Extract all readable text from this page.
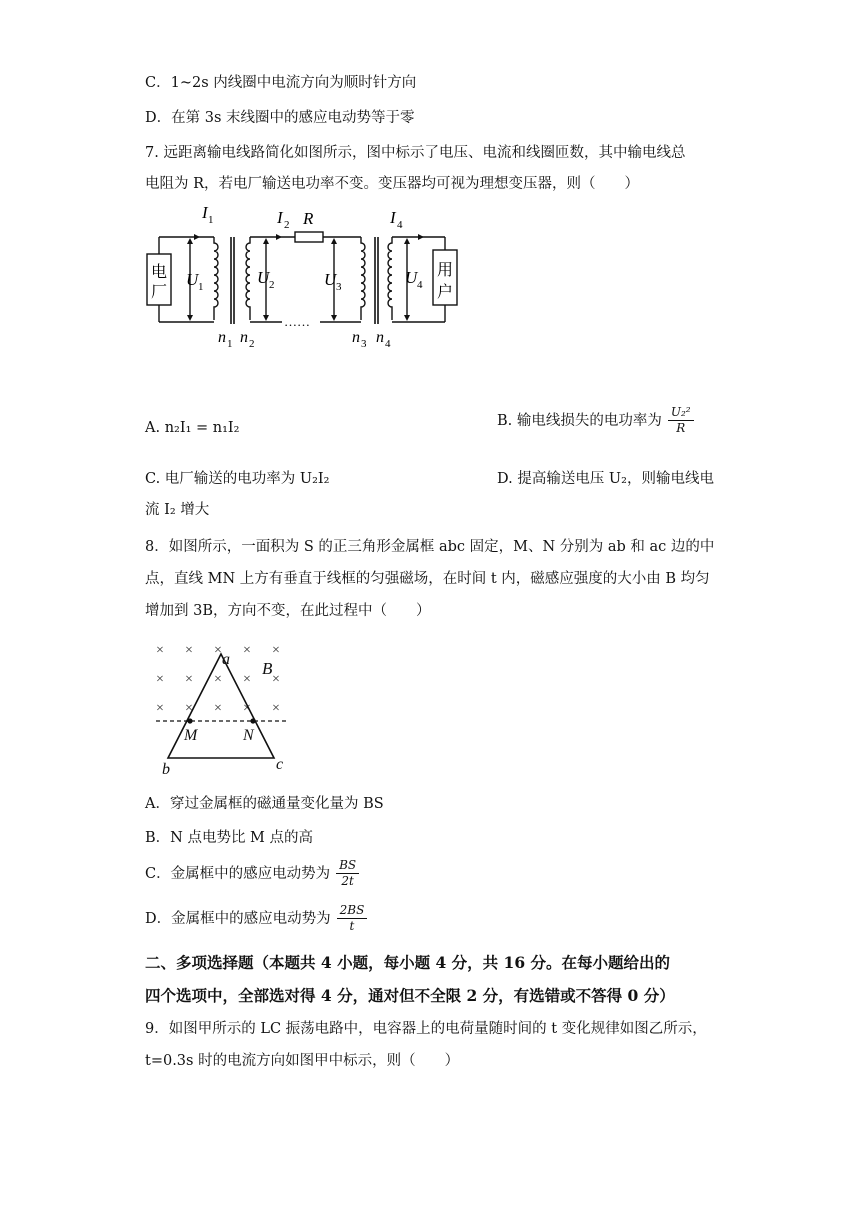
C．1~2s 内线圈中电流方向为顺时针方向
D．在第 3s 末线圈中的感应电动势等于零
7. 远距离输电线路简化如图所示，图中标示了电压、电流和线圈匝数，其中输电线总
电阻为 R，若电厂输送电功率不变。变压器均可视为理想变压器，则（　　）
……
I 1	I 2 R	I 4
电
厂
用
户
U 1	U 2	U 3	U 4
n 1 n 2	n 3 n 4
A. n₂I₁ = n₁I₂	B. 输电线损失的电功率为 $\frac{\text{U₂²}}{R}$
C. 电厂输送的电功率为 U₂I₂	D. 提高输送电压 U₂，则输电线电
流 I₂ 增大
8．如图所示，一面积为 S 的正三角形金属框 abc 固定，M、N 分别为 ab 和 ac 边的中
点，直线 MN 上方有垂直于线框的匀强磁场，在时间 t 内，磁感应强度的大小由 B 均匀
增加到 3B，方向不变，在此过程中（　　）
× × × × ×
× × × × ×
× × × × ×
a
b	c
M	N
B
A．穿过金属框的磁通量变化量为 BS
B．N 点电势比 M 点的高
C．金属框中的感应电动势为 $\frac{BS}{2t}$
D．金属框中的感应电动势为 $\frac{2BS}{t}$
二、多项选择题（本题共 4 小题，每小题 4 分，共 16 分。在每小题给出的
四个选项中，全部选对得 4 分，通对但不全限 2 分，有选错或不答得 0 分）
9．如图甲所示的 LC 振荡电路中，电容器上的电荷量随时间的 t 变化规律如图乙所示，
t=0.3s 时的电流方向如图甲中标示，则（　　）
